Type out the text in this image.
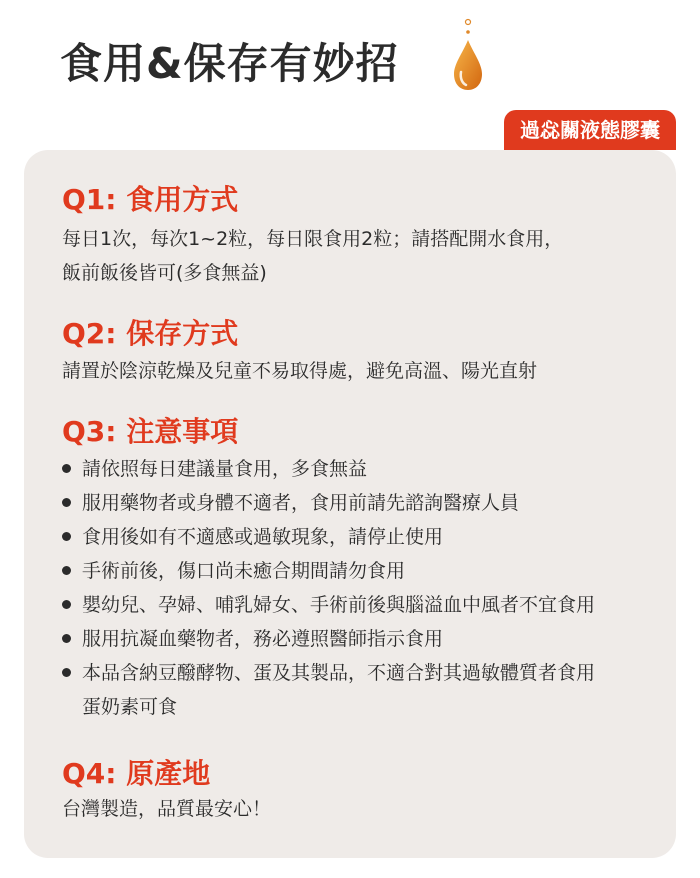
食用&保存有妙招
過惢關液態膠囊
Q1: 食用方式
每日1次，每次1~2粒，每日限食用2粒；請搭配開水食用，
飯前飯後皆可(多食無益)
Q2: 保存方式
請置於陰涼乾燥及兒童不易取得處，避免高溫、陽光直射
Q3: 注意事項
請依照每日建議量食用，多食無益
服用藥物者或身體不適者，食用前請先諮詢醫療人員
食用後如有不適感或過敏現象，請停止使用
手術前後，傷口尚未癒合期間請勿食用
嬰幼兒、孕婦、哺乳婦女、手術前後與腦溢血中風者不宜食用
服用抗凝血藥物者，務必遵照醫師指示食用
本品含納豆醱酵物、蛋及其製品，不適合對其過敏體質者食用
蛋奶素可食
Q4: 原產地
台灣製造，品質最安心！
